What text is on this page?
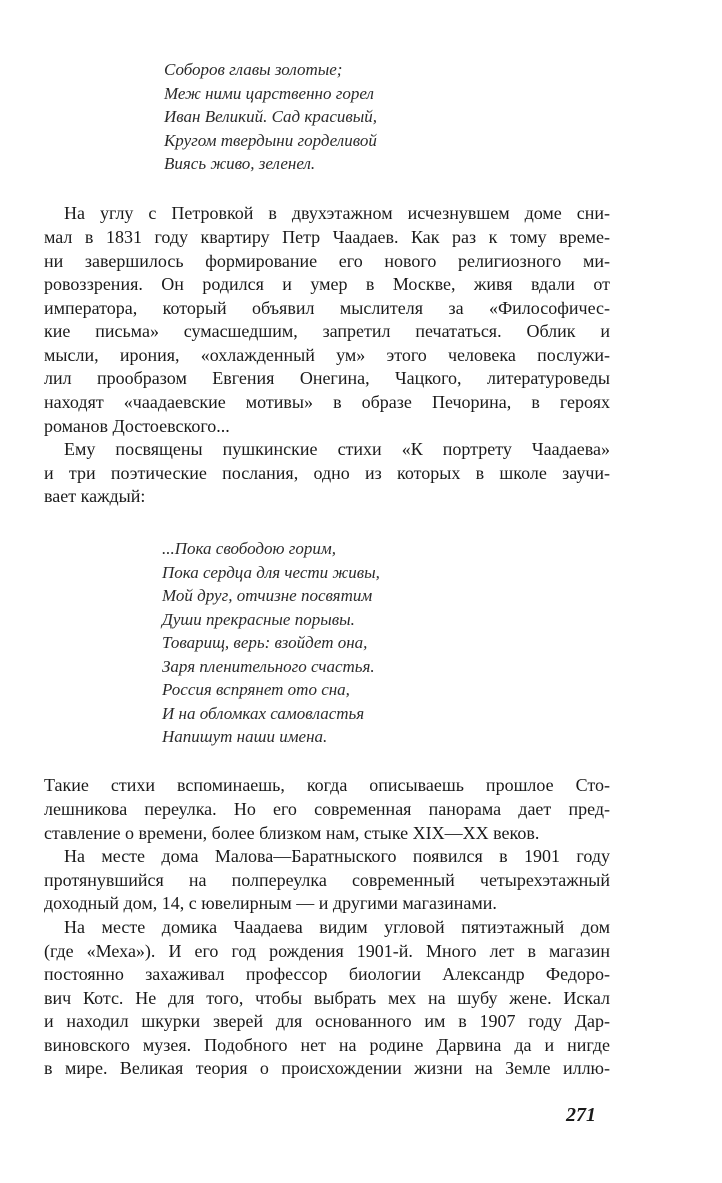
Соборов главы золотые;
Меж ними царственно горел
Иван Великий. Сад красивый,
Кругом твердыни горделивой
Виясь живо, зеленел.
На углу с Петровкой в двухэтажном исчезнувшем доме сни-
мал в 1831 году квартиру Петр Чаадаев. Как раз к тому време-
ни завершилось формирование его нового религиозного ми-
ровоззрения. Он родился и умер в Москве, живя вдали от
императора, который объявил мыслителя за «Философичес-
кие письма» сумасшедшим, запретил печататься. Облик и
мысли, ирония, «охлажденный ум» этого человека послужи-
лил прообразом Евгения Онегина, Чацкого, литературоведы
находят «чаадаевские мотивы» в образе Печорина, в героях
романов Достоевского...
Ему посвящены пушкинские стихи «К портрету Чаадаева»
и три поэтические послания, одно из которых в школе заучи-
вает каждый:
...Пока свободою горим,
Пока сердца для чести живы,
Мой друг, отчизне посвятим
Души прекрасные порывы.
Товарищ, верь: взойдет она,
Заря пленительного счастья.
Россия вспрянет ото сна,
И на обломках самовластья
Напишут наши имена.
Такие стихи вспоминаешь, когда описываешь прошлое Сто-
лешникова переулка. Но его современная панорама дает пред-
ставление о времени, более близком нам, стыке XIX—XX веков.
На месте дома Малова—Баратныского появился в 1901 году
протянувшийся на полпереулка современный четырехэтажный
доходный дом, 14, с ювелирным — и другими магазинами.
На месте домика Чаадаева видим угловой пятиэтажный дом
(где «Меха»). И его год рождения 1901-й. Много лет в магазин
постоянно захаживал профессор биологии Александр Федоро-
вич Котс. Не для того, чтобы выбрать мех на шубу жене. Искал
и находил шкурки зверей для основанного им в 1907 году Дар-
виновского музея. Подобного нет на родине Дарвина да и нигде
в мире. Великая теория о происхождении жизни на Земле иллю-
271
